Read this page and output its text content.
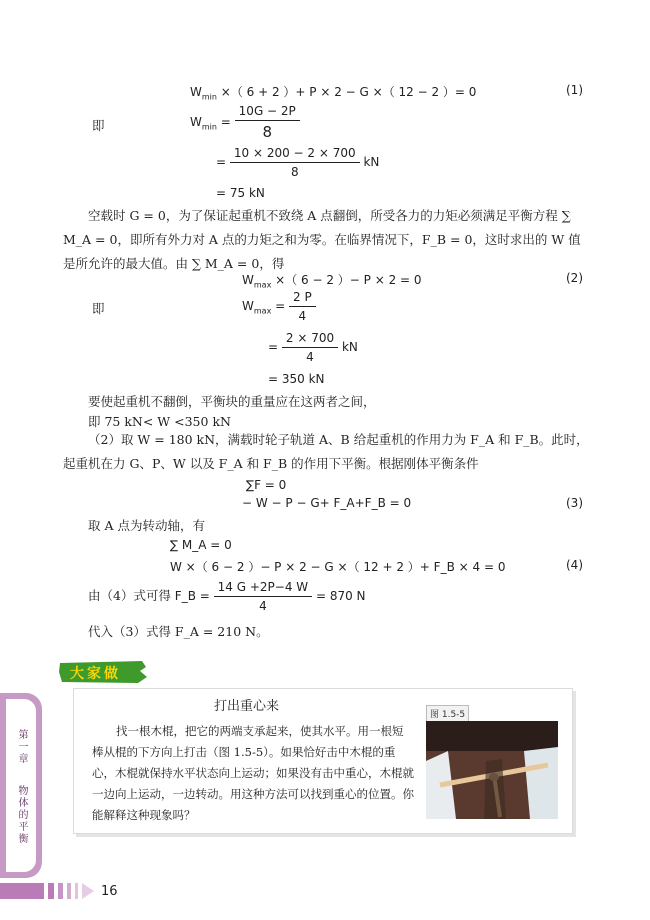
$W_{min}$ ×（ 6 + 2 ）+ P × 2 − G ×（ 12 − 2 ）= 0	(1)
即	$W_{min} = \frac{10G - 2P}{8}$
= $\frac{10 \times 200 - 2 \times 700}{8}$ kN
= 75 kN
空载时 G = 0，为了保证起重机不致绕 A 点翻倒，所受各力的力矩必须满足平衡方程 ∑ M_A = 0，即所有外力对 A 点的力矩之和为零。在临界情况下，F_B = 0，这时求出的 W 值是所允许的最大值。由 ∑ M_A = 0，得
$W_{max}$ ×（ 6 − 2 ）− P × 2 = 0	(2)
即	$W_{max} = \frac{2 P}{4}$
= $\frac{2 \times 700}{4}$ kN
= 350 kN
要使起重机不翻倒，平衡块的重量应在这两者之间，
即 75 kN< W <350 kN
（2）取 W = 180 kN，满载时轮子轨道 A、B 给起重机的作用力为 F_A 和 F_B。此时，起重机在力 G、P、W 以及 F_A 和 F_B 的作用下平衡。根据刚体平衡条件
∑F = 0
− W − P − G+ F_A+F_B = 0	(3)
取 A 点为转动轴，有
∑ M_A = 0
W ×（ 6 − 2 ）− P × 2 − G ×（ 12 + 2 ）+ F_B × 4 = 0	(4)
由（4）式可得 F_B = $\frac{14 G +2P-4 W}{4} = 870$ N
代入（3）式得 F_A = 210 N。
大家做
打出重心来
找一根木棍，把它的两端支承起来，使其水平。用一根短棒从棍的下方向上打击（图 1.5-5）。如果恰好击中木棍的重心，木棍就保持水平状态向上运动；如果没有击中重心，木棍就一边向上运动，一边转动。用这种方法可以找到重心的位置。你能解释这种现象吗？
图 1.5-5
第一章
物体的平衡
16
